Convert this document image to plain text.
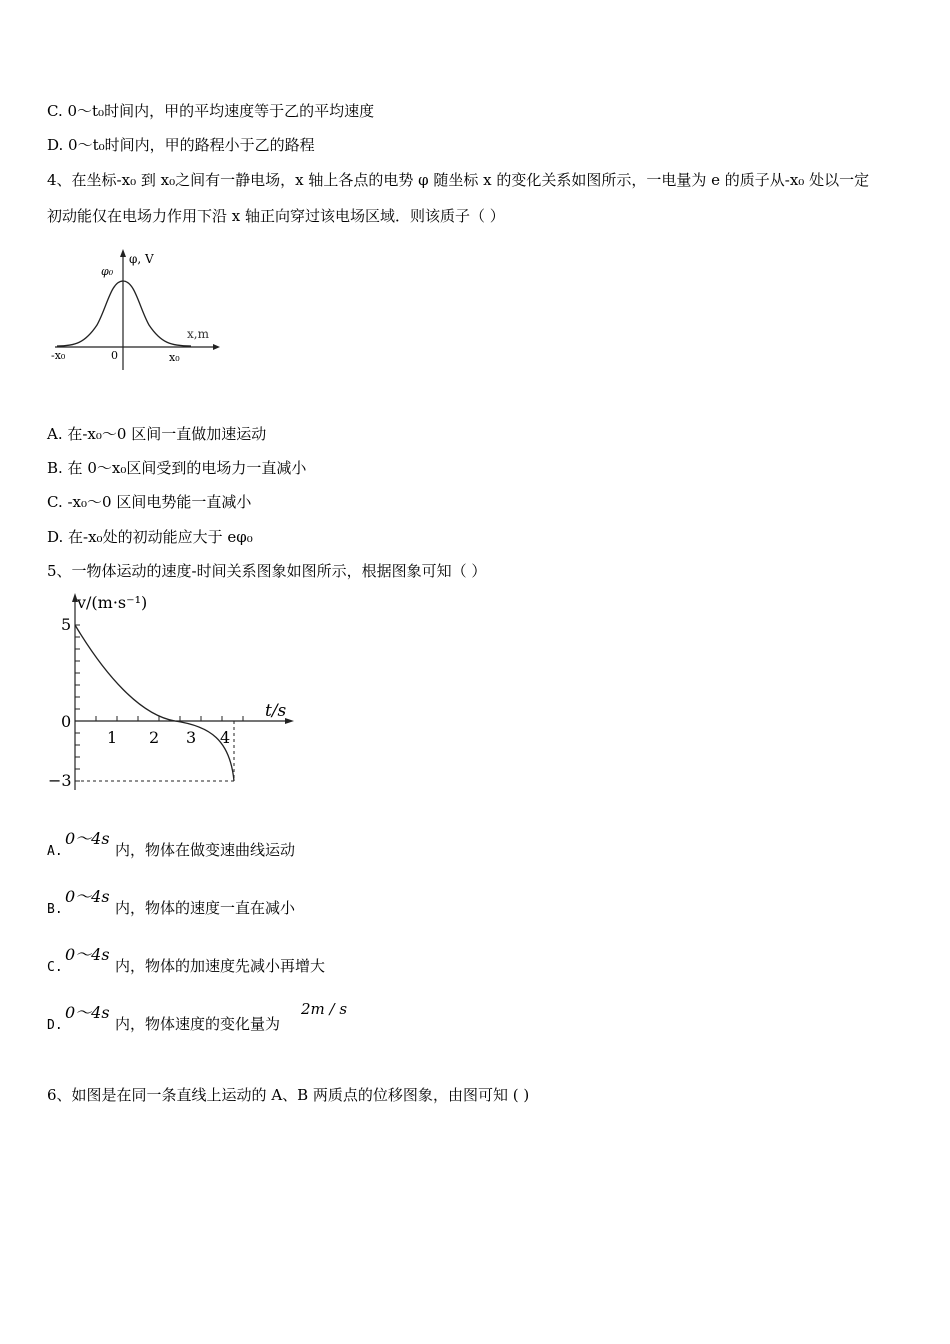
C. 0～t₀时间内，甲的平均速度等于乙的平均速度
D. 0～t₀时间内，甲的路程小于乙的路程
4、在坐标-x₀ 到 x₀之间有一静电场，x 轴上各点的电势 φ 随坐标 x 的变化关系如图所示，一电量为 e 的质子从-x₀ 处以一定
初动能仅在电场力作用下沿 x 轴正向穿过该电场区域．则该质子（ ）
φ₀
φ, V
x,m
0
-x₀	x₀
A. 在-x₀～0 区间一直做加速运动
B. 在 0～x₀区间受到的电场力一直减小
C. -x₀～0 区间电势能一直减小
D. 在-x₀处的初动能应大于 eφ₀
5、一物体运动的速度-时间关系图象如图所示，根据图象可知（ ）
v/(m·s⁻¹)
t/s
5
0
−3
1 2 3 4
A.
0～4s
内，物体在做变速曲线运动
B.
0～4s
内，物体的速度一直在减小
C.
0～4s
内，物体的加速度先减小再增大
D.
0～4s
内，物体速度的变化量为
2m / s
6、如图是在同一条直线上运动的 A、B 两质点的位移图象，由图可知 ( )
